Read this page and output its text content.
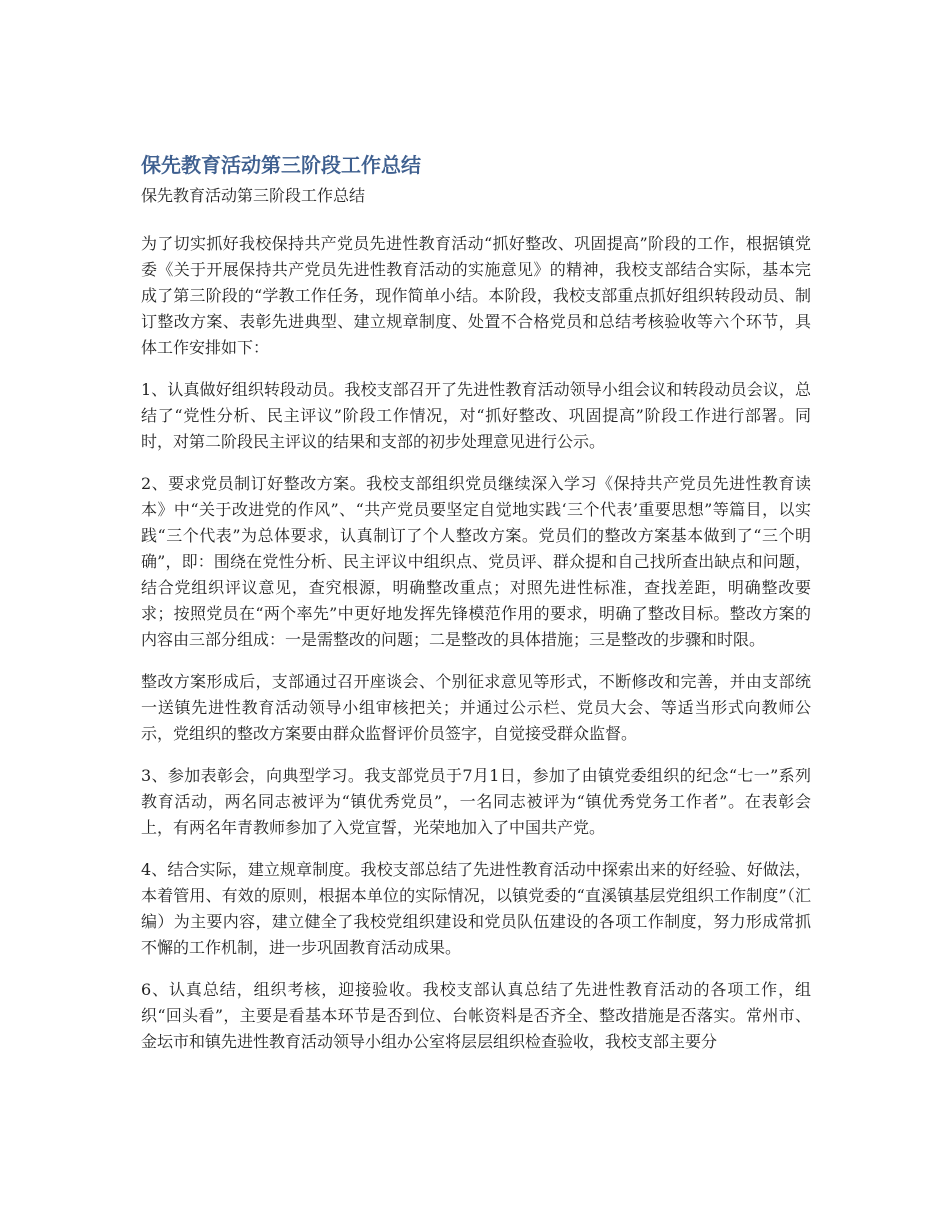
保先教育活动第三阶段工作总结
保先教育活动第三阶段工作总结

为了切实抓好我校保持共产党员先进性教育活动“抓好整改、巩固提高”阶段的工作，根据镇党委《关于开展保持共产党员先进性教育活动的实施意见》的精神，我校支部结合实际，基本完成了第三阶段的“学教工作任务，现作简单小结。本阶段，我校支部重点抓好组织转段动员、制订整改方案、表彰先进典型、建立规章制度、处置不合格党员和总结考核验收等六个环节，具体工作安排如下：

1、认真做好组织转段动员。我校支部召开了先进性教育活动领导小组会议和转段动员会议，总结了“党性分析、民主评议”阶段工作情况，对“抓好整改、巩固提高”阶段工作进行部署。同时，对第二阶段民主评议的结果和支部的初步处理意见进行公示。

2、要求党员制订好整改方案。我校支部组织党员继续深入学习《保持共产党员先进性教育读本》中“关于改进党的作风”、“共产党员要坚定自觉地实践‘三个代表’重要思想”等篇目，以实践“三个代表”为总体要求，认真制订了个人整改方案。党员们的整改方案基本做到了“三个明确”，即：围绕在党性分析、民主评议中组织点、党员评、群众提和自己找所查出缺点和问题，结合党组织评议意见，查究根源，明确整改重点；对照先进性标准，查找差距，明确整改要求；按照党员在“两个率先”中更好地发挥先锋模范作用的要求，明确了整改目标。整改方案的内容由三部分组成：一是需整改的问题；二是整改的具体措施；三是整改的步骤和时限。

整改方案形成后，支部通过召开座谈会、个别征求意见等形式，不断修改和完善，并由支部统一送镇先进性教育活动领导小组审核把关；并通过公示栏、党员大会、等适当形式向教师公示，党组织的整改方案要由群众监督评价员签字，自觉接受群众监督。

3、参加表彰会，向典型学习。我支部党员于7月1日，参加了由镇党委组织的纪念“七一”系列教育活动，两名同志被评为“镇优秀党员”，一名同志被评为“镇优秀党务工作者”。在表彰会上，有两名年青教师参加了入党宣誓，光荣地加入了中国共产党。

4、结合实际，建立规章制度。我校支部总结了先进性教育活动中探索出来的好经验、好做法，本着管用、有效的原则，根据本单位的实际情况，以镇党委的“直溪镇基层党组织工作制度”（汇编）为主要内容，建立健全了我校党组织建设和党员队伍建设的各项工作制度，努力形成常抓不懈的工作机制，进一步巩固教育活动成果。

6、认真总结，组织考核，迎接验收。我校支部认真总结了先进性教育活动的各项工作，组织“回头看”，主要是看基本环节是否到位、台帐资料是否齐全、整改措施是否落实。常州市、金坛市和镇先进性教育活动领导小组办公室将层层组织检查验收，我校支部主要分
